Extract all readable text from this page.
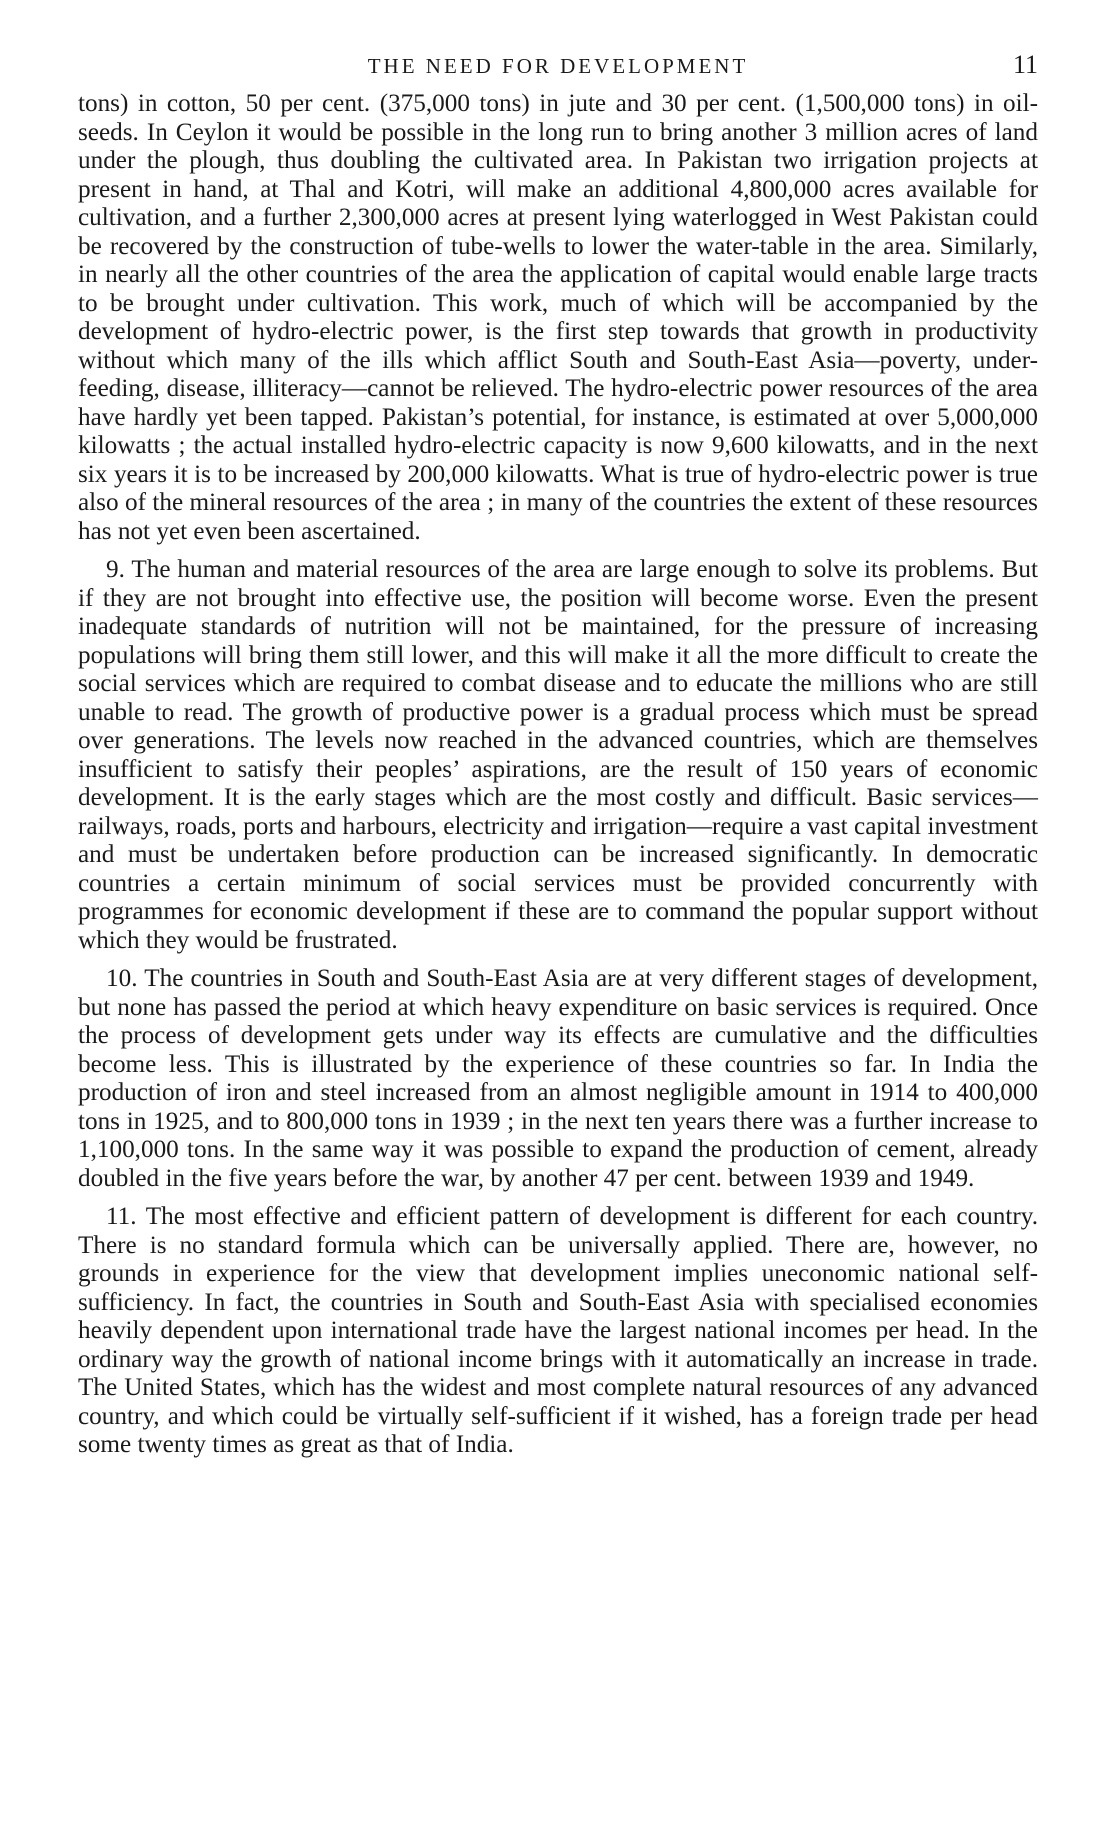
THE NEED FOR DEVELOPMENT	11

tons) in cotton, 50 per cent. (375,000 tons) in jute and 30 per cent. (1,500,000 tons) in oil-seeds. In Ceylon it would be possible in the long run to bring another 3 million acres of land under the plough, thus doubling the cultivated area. In Pakistan two irrigation projects at present in hand, at Thal and Kotri, will make an additional 4,800,000 acres available for cultivation, and a further 2,300,000 acres at present lying waterlogged in West Pakistan could be recovered by the construction of tube-wells to lower the water-table in the area. Similarly, in nearly all the other countries of the area the application of capital would enable large tracts to be brought under cultivation. This work, much of which will be accompanied by the development of hydro-electric power, is the first step towards that growth in productivity without which many of the ills which afflict South and South-East Asia—poverty, under-feeding, disease, illiteracy—cannot be relieved. The hydro-electric power resources of the area have hardly yet been tapped. Pakistan’s potential, for instance, is estimated at over 5,000,000 kilowatts ; the actual installed hydro-electric capacity is now 9,600 kilowatts, and in the next six years it is to be increased by 200,000 kilowatts. What is true of hydro-electric power is true also of the mineral resources of the area ; in many of the countries the extent of these resources has not yet even been ascertained.

9. The human and material resources of the area are large enough to solve its problems. But if they are not brought into effective use, the position will become worse. Even the present inadequate standards of nutrition will not be maintained, for the pressure of increasing populations will bring them still lower, and this will make it all the more difficult to create the social services which are required to combat disease and to educate the millions who are still unable to read. The growth of productive power is a gradual process which must be spread over generations. The levels now reached in the advanced countries, which are themselves insufficient to satisfy their peoples’ aspirations, are the result of 150 years of economic development. It is the early stages which are the most costly and difficult. Basic services—railways, roads, ports and harbours, electricity and irrigation—require a vast capital investment and must be undertaken before production can be increased significantly. In democratic countries a certain minimum of social services must be provided concurrently with programmes for economic development if these are to command the popular support without which they would be frustrated.

10. The countries in South and South-East Asia are at very different stages of development, but none has passed the period at which heavy expenditure on basic services is required. Once the process of development gets under way its effects are cumulative and the difficulties become less. This is illustrated by the experience of these countries so far. In India the production of iron and steel increased from an almost negligible amount in 1914 to 400,000 tons in 1925, and to 800,000 tons in 1939 ; in the next ten years there was a further increase to 1,100,000 tons. In the same way it was possible to expand the production of cement, already doubled in the five years before the war, by another 47 per cent. between 1939 and 1949.

11. The most effective and efficient pattern of development is different for each country. There is no standard formula which can be universally applied. There are, however, no grounds in experience for the view that development implies uneconomic national self-sufficiency. In fact, the countries in South and South-East Asia with specialised economies heavily dependent upon international trade have the largest national incomes per head. In the ordinary way the growth of national income brings with it automatically an increase in trade. The United States, which has the widest and most complete natural resources of any advanced country, and which could be virtually self-sufficient if it wished, has a foreign trade per head some twenty times as great as that of India.
